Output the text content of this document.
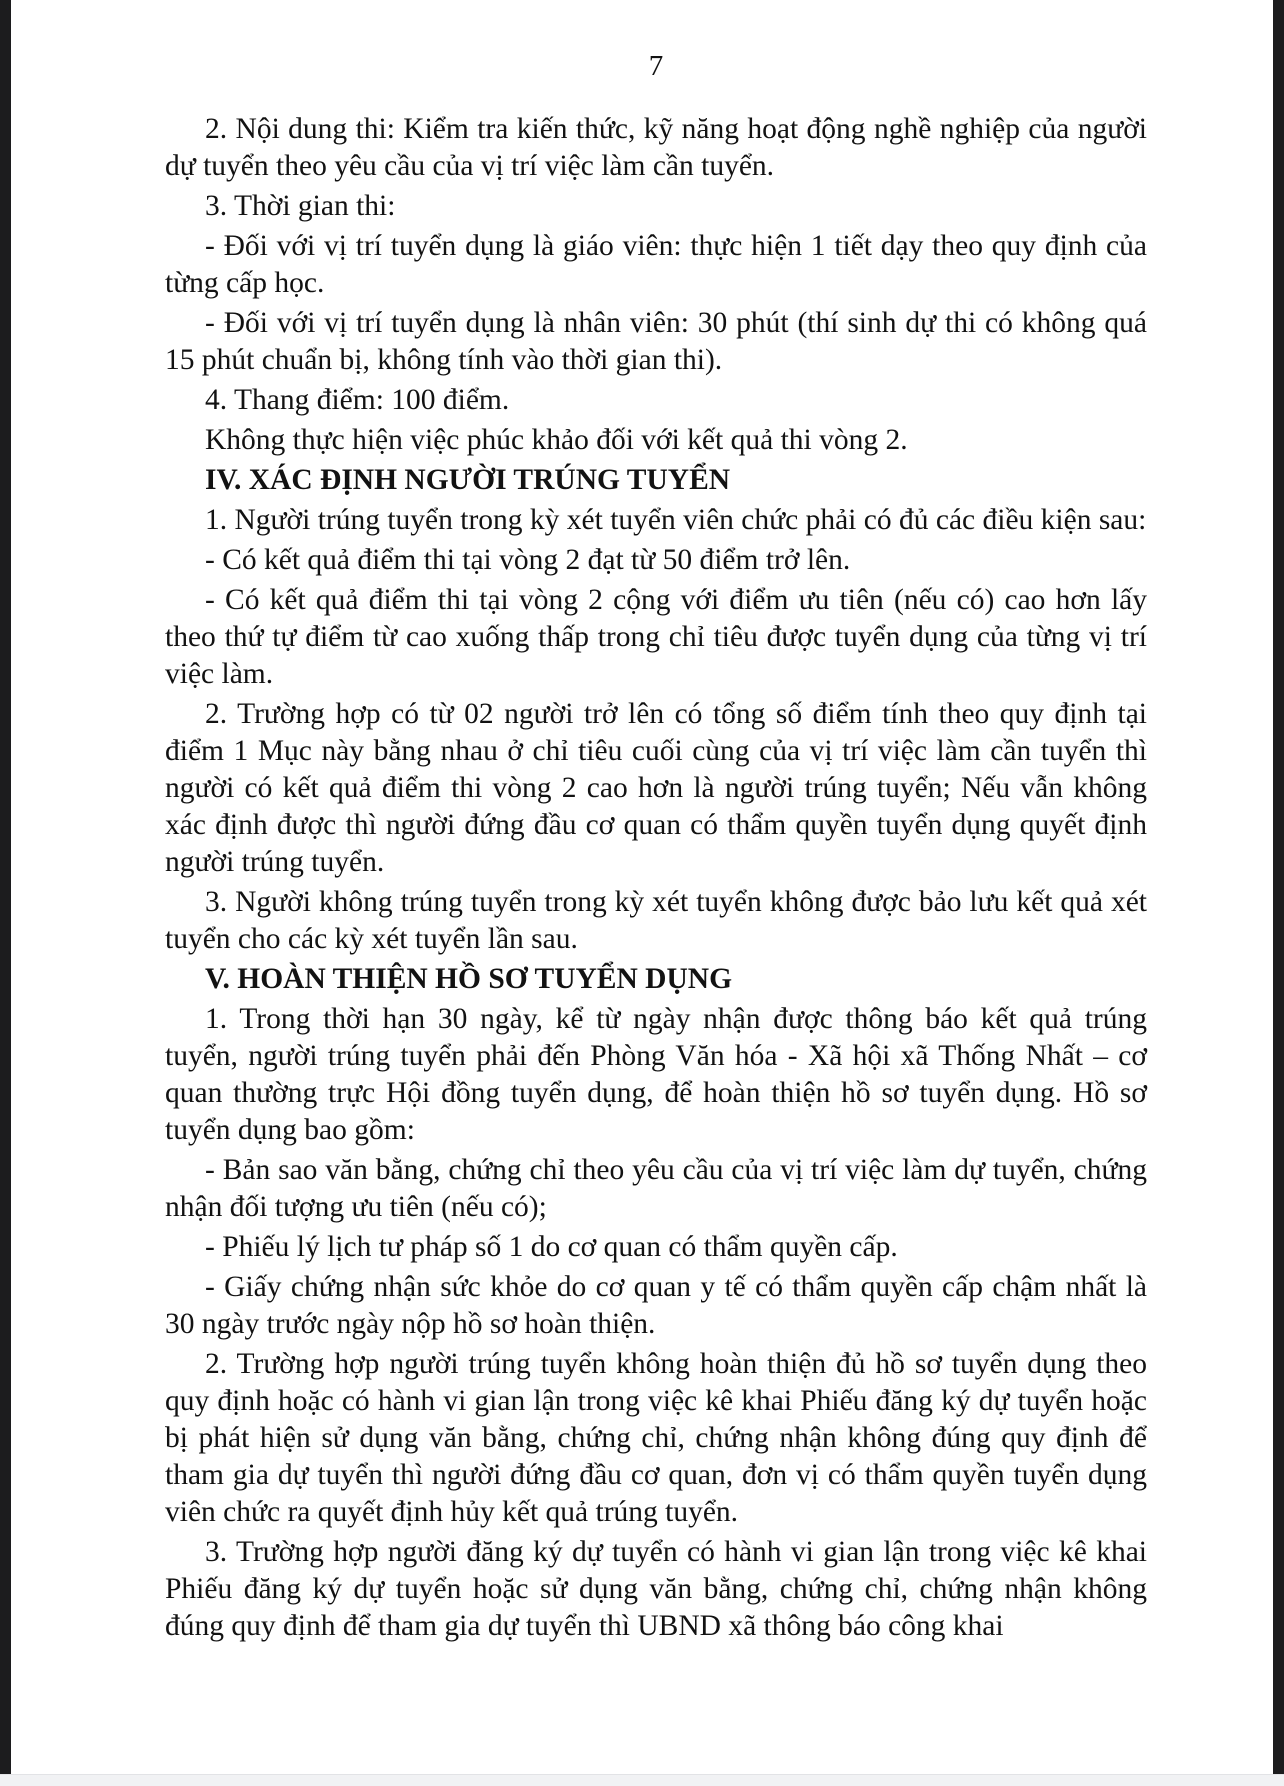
7

2. Nội dung thi: Kiểm tra kiến thức, kỹ năng hoạt động nghề nghiệp của người dự tuyển theo yêu cầu của vị trí việc làm cần tuyển.

3. Thời gian thi:

- Đối với vị trí tuyển dụng là giáo viên: thực hiện 1 tiết dạy theo quy định của từng cấp học.

- Đối với vị trí tuyển dụng là nhân viên: 30 phút (thí sinh dự thi có không quá 15 phút chuẩn bị, không tính vào thời gian thi).

4. Thang điểm: 100 điểm.

Không thực hiện việc phúc khảo đối với kết quả thi vòng 2.

IV. XÁC ĐỊNH NGƯỜI TRÚNG TUYỂN

1. Người trúng tuyển trong kỳ xét tuyển viên chức phải có đủ các điều kiện sau:

- Có kết quả điểm thi tại vòng 2 đạt từ 50 điểm trở lên.

- Có kết quả điểm thi tại vòng 2 cộng với điểm ưu tiên (nếu có) cao hơn lấy theo thứ tự điểm từ cao xuống thấp trong chỉ tiêu được tuyển dụng của từng vị trí việc làm.

2. Trường hợp có từ 02 người trở lên có tổng số điểm tính theo quy định tại điểm 1 Mục này bằng nhau ở chỉ tiêu cuối cùng của vị trí việc làm cần tuyển thì người có kết quả điểm thi vòng 2 cao hơn là người trúng tuyển; Nếu vẫn không xác định được thì người đứng đầu cơ quan có thẩm quyền tuyển dụng quyết định người trúng tuyển.

3. Người không trúng tuyển trong kỳ xét tuyển không được bảo lưu kết quả xét tuyển cho các kỳ xét tuyển lần sau.

V. HOÀN THIỆN HỒ SƠ TUYỂN DỤNG

1. Trong thời hạn 30 ngày, kể từ ngày nhận được thông báo kết quả trúng tuyển, người trúng tuyển phải đến Phòng Văn hóa - Xã hội xã Thống Nhất – cơ quan thường trực Hội đồng tuyển dụng, để hoàn thiện hồ sơ tuyển dụng. Hồ sơ tuyển dụng bao gồm:

- Bản sao văn bằng, chứng chỉ theo yêu cầu của vị trí việc làm dự tuyển, chứng nhận đối tượng ưu tiên (nếu có);

- Phiếu lý lịch tư pháp số 1 do cơ quan có thẩm quyền cấp.

- Giấy chứng nhận sức khỏe do cơ quan y tế có thẩm quyền cấp chậm nhất là 30 ngày trước ngày nộp hồ sơ hoàn thiện.

2. Trường hợp người trúng tuyển không hoàn thiện đủ hồ sơ tuyển dụng theo quy định hoặc có hành vi gian lận trong việc kê khai Phiếu đăng ký dự tuyển hoặc bị phát hiện sử dụng văn bằng, chứng chỉ, chứng nhận không đúng quy định để tham gia dự tuyển thì người đứng đầu cơ quan, đơn vị có thẩm quyền tuyển dụng viên chức ra quyết định hủy kết quả trúng tuyển.

3. Trường hợp người đăng ký dự tuyển có hành vi gian lận trong việc kê khai Phiếu đăng ký dự tuyển hoặc sử dụng văn bằng, chứng chỉ, chứng nhận không đúng quy định để tham gia dự tuyển thì UBND xã thông báo công khai
